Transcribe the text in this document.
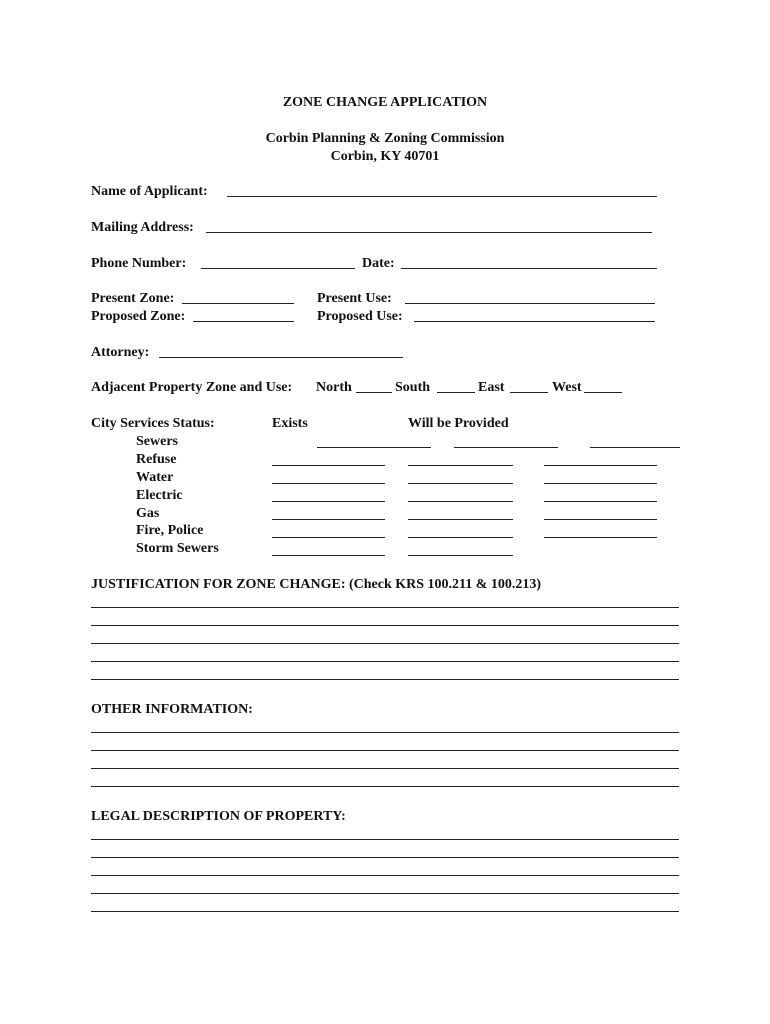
ZONE CHANGE APPLICATION
Corbin Planning & Zoning Commission
Corbin, KY 40701
Name of Applicant:
Mailing Address:
Phone Number:	Date:
Present Zone:	Present Use:
Proposed Zone:	Proposed Use:
Attorney:
Adjacent Property Zone and Use: North	South	East	West
City Services Status:	Exists	Will be Provided
Sewers
Refuse
Water
Electric
Gas
Fire, Police
Storm Sewers
JUSTIFICATION FOR ZONE CHANGE: (Check KRS 100.211 & 100.213)
OTHER INFORMATION:
LEGAL DESCRIPTION OF PROPERTY:
